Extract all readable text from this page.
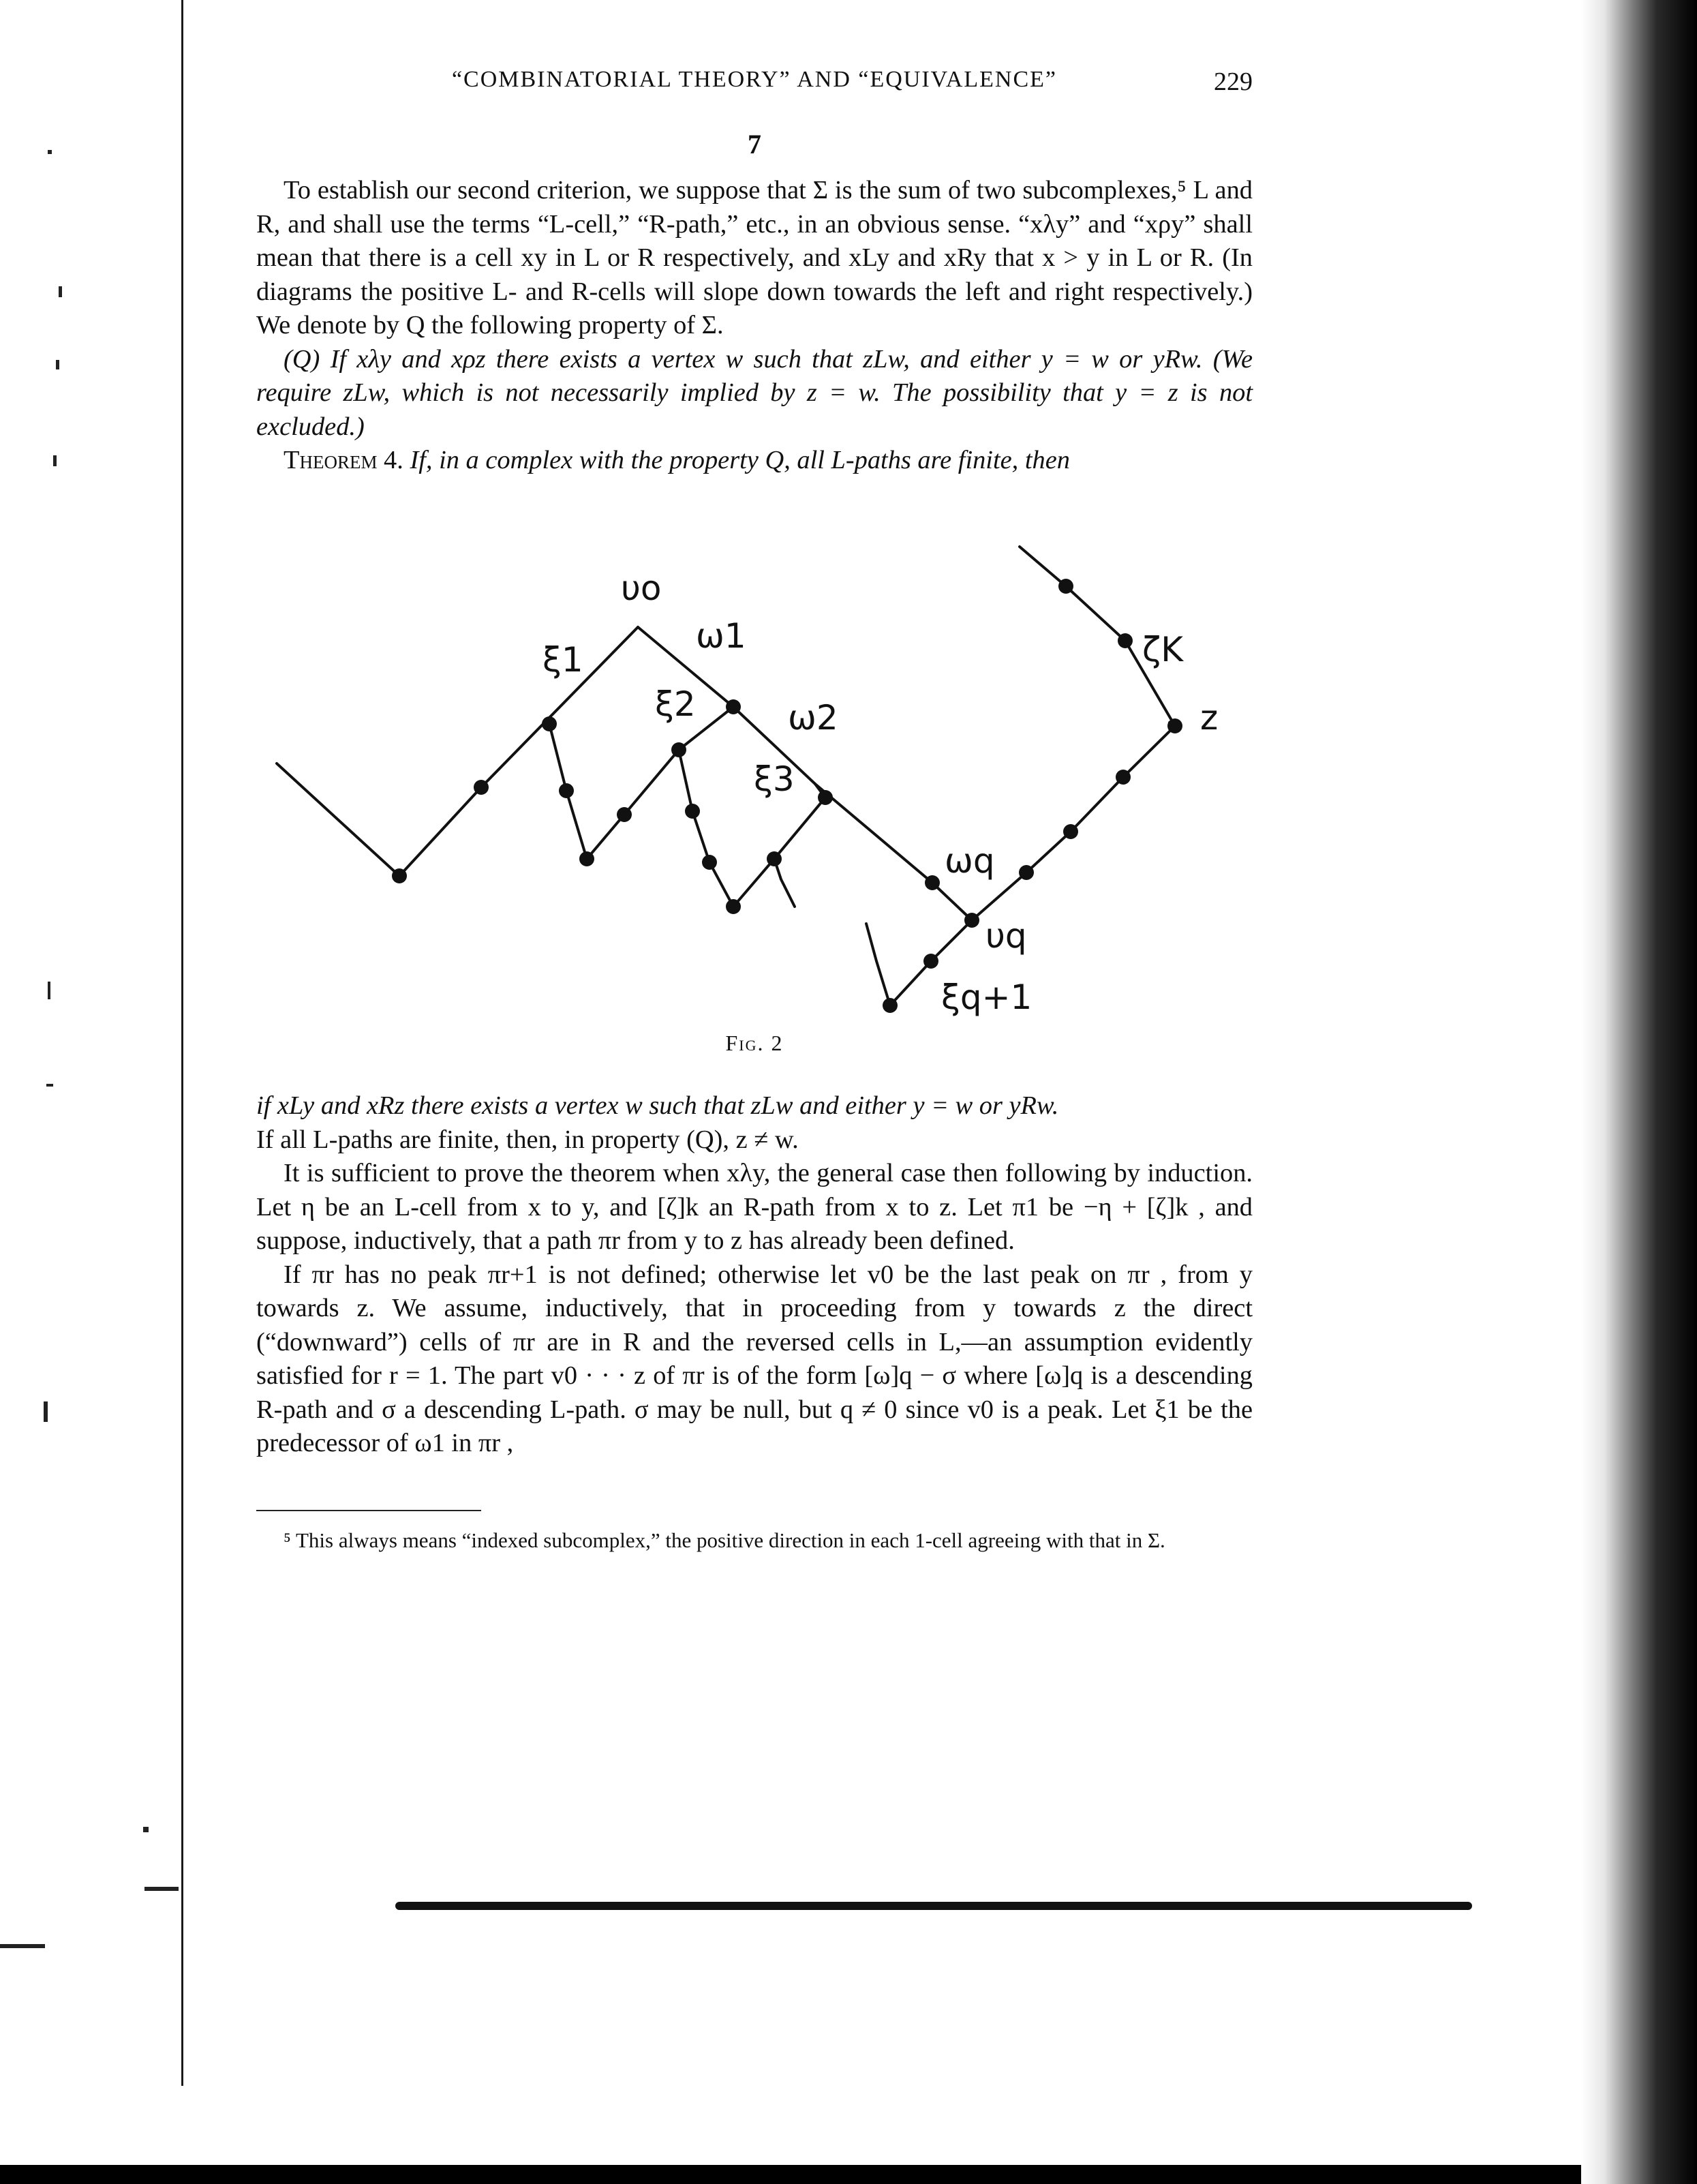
“COMBINATORIAL THEORY” AND “EQUIVALENCE”	229
7

To establish our second criterion, we suppose that Σ is the sum of two subcomplexes,⁵ L and R, and shall use the terms “L-cell,” “R-path,” etc., in an obvious sense. “xλy” and “xρy” shall mean that there is a cell xy in L or R respectively, and xLy and xRy that x > y in L or R. (In diagrams the positive L- and R-cells will slope down towards the left and right respectively.) We denote by Q the following property of Σ.

(Q) If xλy and xρz there exists a vertex w such that zLw, and either y = w or yRw. (We require zLw, which is not necessarily implied by z = w. The possibility that y = z is not excluded.)

Theorem 4. If, in a complex with the property Q, all L-paths are finite, then

υo
ξ1
ω1
ξ2	ω2
ξ3
ωq
υq
ξq+1
ζK
z
Fig. 2

if xLy and xRz there exists a vertex w such that zLw and either y = w or yRw.

If all L-paths are finite, then, in property (Q), z ≠ w.

It is sufficient to prove the theorem when xλy, the general case then following by induction. Let η be an L-cell from x to y, and [ζ]k an R-path from x to z. Let π1 be −η + [ζ]k , and suppose, inductively, that a path πr from y to z has already been defined.

If πr has no peak πr+1 is not defined; otherwise let v0 be the last peak on πr , from y towards z. We assume, inductively, that in proceeding from y towards z the direct (“downward”) cells of πr are in R and the reversed cells in L,—an assumption evidently satisfied for r = 1. The part v0 · · · z of πr is of the form [ω]q − σ where [ω]q is a descending R-path and σ a descending L-path. σ may be null, but q ≠ 0 since v0 is a peak. Let ξ1 be the predecessor of ω1 in πr ,

⁵ This always means “indexed subcomplex,” the positive direction in each 1-cell agreeing with that in Σ.
